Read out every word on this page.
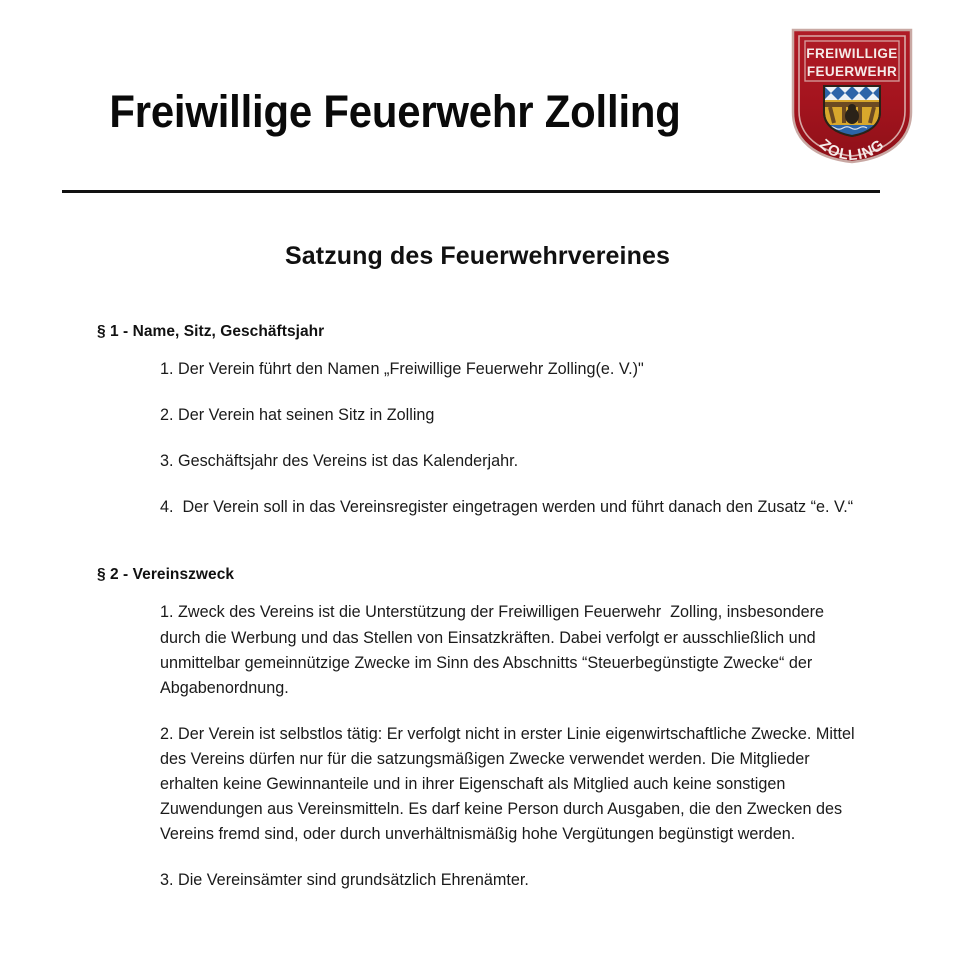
Freiwillige Feuerwehr Zolling
FREIWILLIGE
FEUERWEHR
ZOLLING
Satzung des Feuerwehrvereines
§ 1 - Name, Sitz, Geschäftsjahr
1. Der Verein führt den Namen „Freiwillige Feuerwehr Zolling(e. V.)"
2. Der Verein hat seinen Sitz in Zolling
3. Geschäftsjahr des Vereins ist das Kalenderjahr.
4.  Der Verein soll in das Vereinsregister eingetragen werden und führt danach den Zusatz “e. V.“
§ 2 - Vereinszweck
1. Zweck des Vereins ist die Unterstützung der Freiwilligen Feuerwehr  Zolling, insbesondere durch die Werbung und das Stellen von Einsatzkräften. Dabei verfolgt er ausschließlich und unmittelbar gemeinnützige Zwecke im Sinn des Abschnitts “Steuerbegünstigte Zwecke“ der Abgabenordnung.
2. Der Verein ist selbstlos tätig: Er verfolgt nicht in erster Linie eigenwirtschaftliche Zwecke. Mittel des Vereins dürfen nur für die satzungsmäßigen Zwecke verwendet werden. Die Mitglieder erhalten keine Gewinnanteile und in ihrer Eigenschaft als Mitglied auch keine sonstigen Zuwendungen aus Vereinsmitteln. Es darf keine Person durch Ausgaben, die den Zwecken des Vereins fremd sind, oder durch unverhältnismäßig hohe Vergütungen begünstigt werden.
3. Die Vereinsämter sind grundsätzlich Ehrenämter.
